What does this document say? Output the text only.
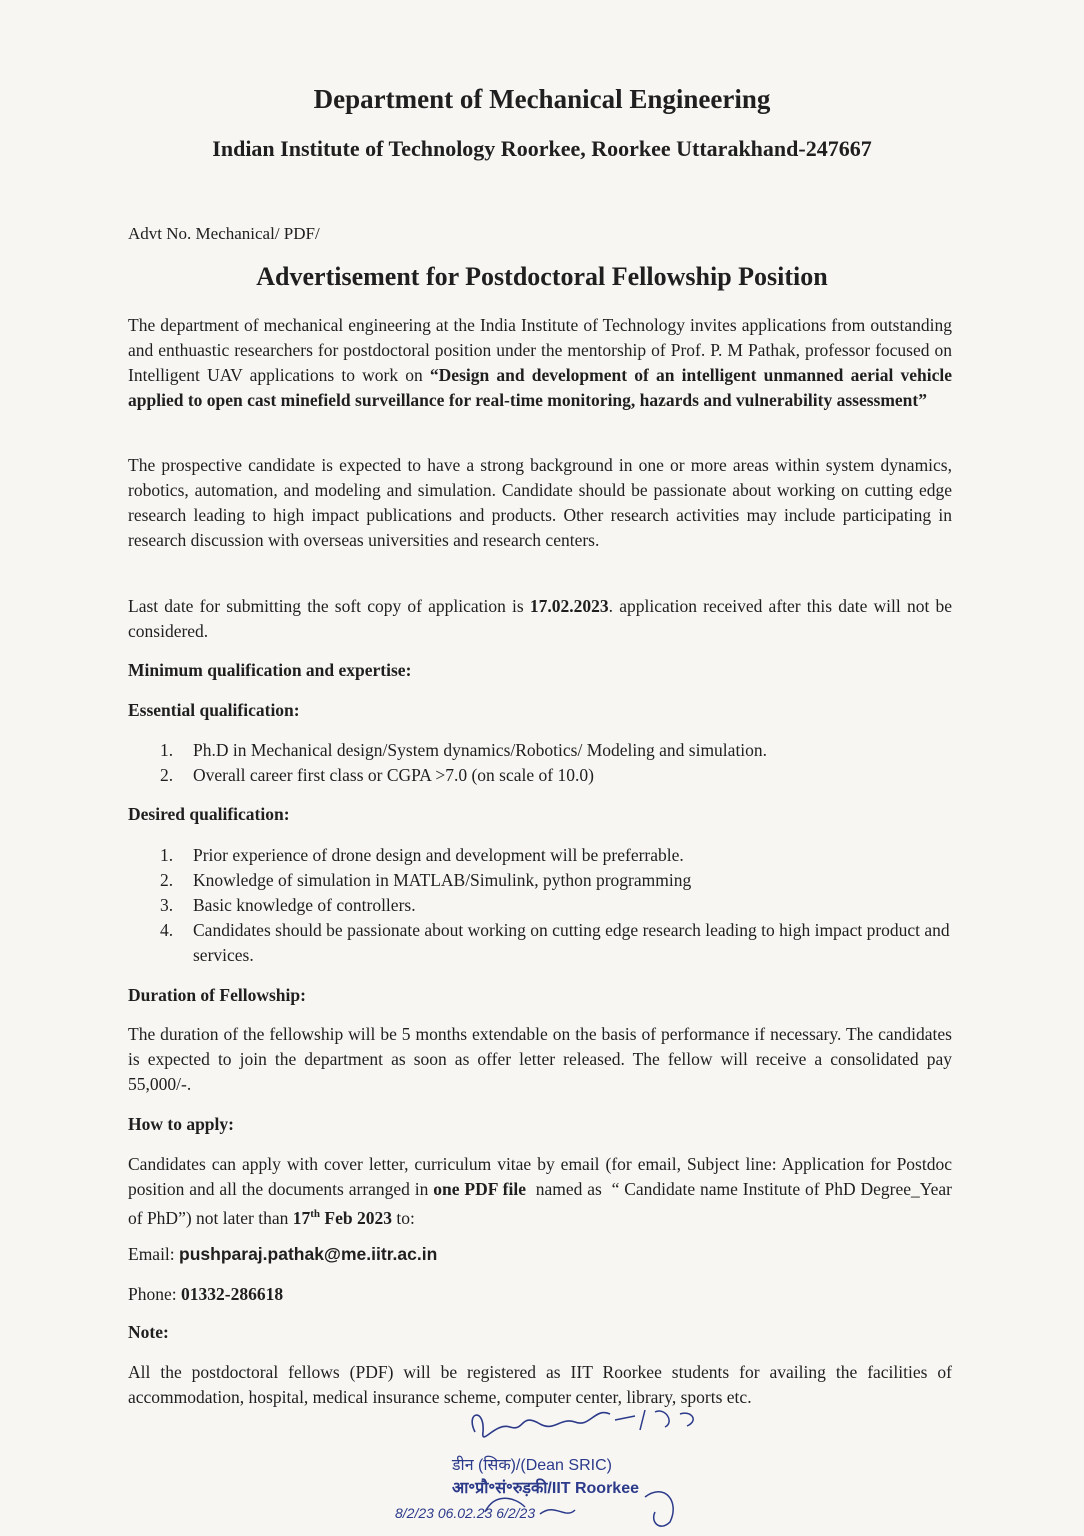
Department of Mechanical Engineering
Indian Institute of Technology Roorkee, Roorkee Uttarakhand-247667
Advt No. Mechanical/ PDF/
Advertisement for Postdoctoral Fellowship Position
The department of mechanical engineering at the India Institute of Technology invites applications from outstanding and enthuastic researchers for postdoctoral position under the mentorship of Prof. P. M Pathak, professor focused on Intelligent UAV applications to work on “Design and development of an intelligent unmanned aerial vehicle applied to open cast minefield surveillance for real-time monitoring, hazards and vulnerability assessment”
The prospective candidate is expected to have a strong background in one or more areas within system dynamics, robotics, automation, and modeling and simulation. Candidate should be passionate about working on cutting edge research leading to high impact publications and products. Other research activities may include participating in research discussion with overseas universities and research centers.
Last date for submitting the soft copy of application is 17.02.2023. application received after this date will not be considered.
Minimum qualification and expertise:
Essential qualification:
1. Ph.D in Mechanical design/System dynamics/Robotics/ Modeling and simulation.
2. Overall career first class or CGPA >7.0 (on scale of 10.0)
Desired qualification:
1. Prior experience of drone design and development will be preferrable.
2. Knowledge of simulation in MATLAB/Simulink, python programming
3. Basic knowledge of controllers.
4. Candidates should be passionate about working on cutting edge research leading to high impact product and services.
Duration of Fellowship:
The duration of the fellowship will be 5 months extendable on the basis of performance if necessary. The candidates is expected to join the department as soon as offer letter released. The fellow will receive a consolidated pay 55,000/-.
How to apply:
Candidates can apply with cover letter, curriculum vitae by email (for email, Subject line: Application for Postdoc position and all the documents arranged in one PDF file  named as  “ Candidate name Institute of PhD Degree_Year of PhD”) not later than 17th Feb 2023 to:
Email: pushparaj.pathak@me.iitr.ac.in
Phone: 01332-286618
Note:
All the postdoctoral fellows (PDF) will be registered as IIT Roorkee students for availing the facilities of accommodation, hospital, medical insurance scheme, computer center, library, sports etc.
डीन (सिक)/(Dean SRIC)
आ॰प्रौ॰सं॰रुड़की/IIT Roorkee
8/2/23 06.02.23 6/2/23
